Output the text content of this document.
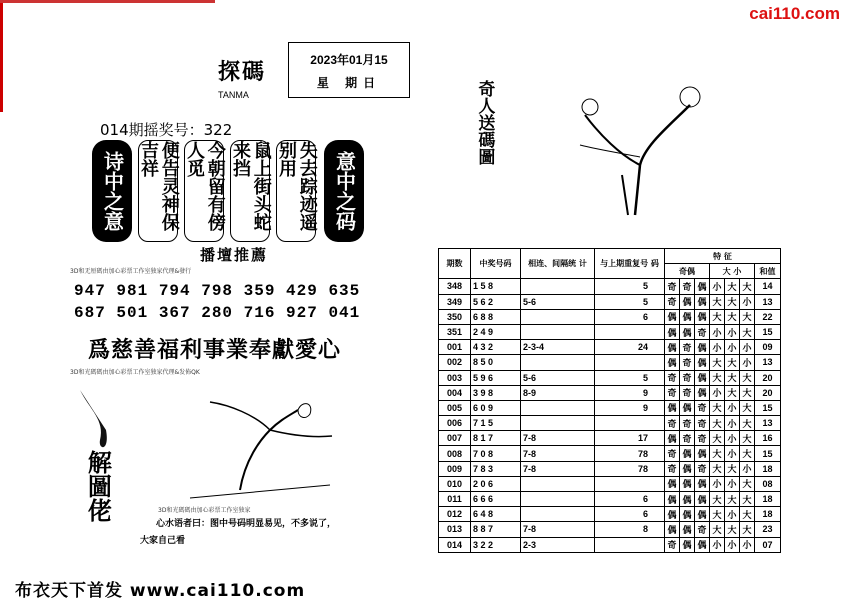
cai110.com
探碼
TANMA
2023年01月15
星 期日
014期摇奖号：322
诗中之意	便告灵神保吉祥	今朝留有傍人觅	鼠上街头蛇来挡	失去踪迹遥别用	意中之码
播壇推薦
3D和无厘碼由加心彩票工作室独家代理&發行
947 981 794 798 359 429 635
687 501 367 280 716 927 041
爲慈善福利事業奉獻愛心
3D和光碼碼由加心彩票工作室独家代理&发佈QK
解圖佬	3D和光碼碼由加心彩票工作室独家
心水语者曰：图中号码明显易见，不多说了，
大家自己看
布衣天下首发 www.cai110.com
奇人送碼圖
期数	中奖号码	相连、间隔统 计	与上期重复号 码	特 征						
				奇偶			大 小			和值
348	1 5 8		5	奇	奇	偶	小	大	大	14
349	5 6 2	5-6	5	奇	偶	偶	大	大	小	13
350	6 8 8		6	偶	偶	偶	大	大	大	22
351	2 4 9			偶	偶	奇	小	小	大	15
001	4 3 2	2-3-4	24	偶	奇	偶	小	小	小	09
002	8 5 0			偶	奇	偶	大	大	小	13
003	5 9 6	5-6	5	奇	奇	偶	大	大	大	20
004	3 9 8	8-9	9	奇	奇	偶	小	大	大	20
005	6 0 9		9	偶	偶	奇	大	小	大	15
006	7 1 5			奇	奇	奇	大	小	大	13
007	8 1 7	7-8	17	偶	奇	奇	大	小	大	16
008	7 0 8	7-8	78	奇	偶	偶	大	小	大	15
009	7 8 3	7-8	78	奇	偶	奇	大	大	小	18
010	2 0 6			偶	偶	偶	小	小	大	08
011	6 6 6		6	偶	偶	偶	大	大	大	18
012	6 4 8		6	偶	偶	偶	大	小	大	18
013	8 8 7	7-8	8	偶	偶	奇	大	大	大	23
014	3 2 2	2-3		奇	偶	偶	小	小	小	07
